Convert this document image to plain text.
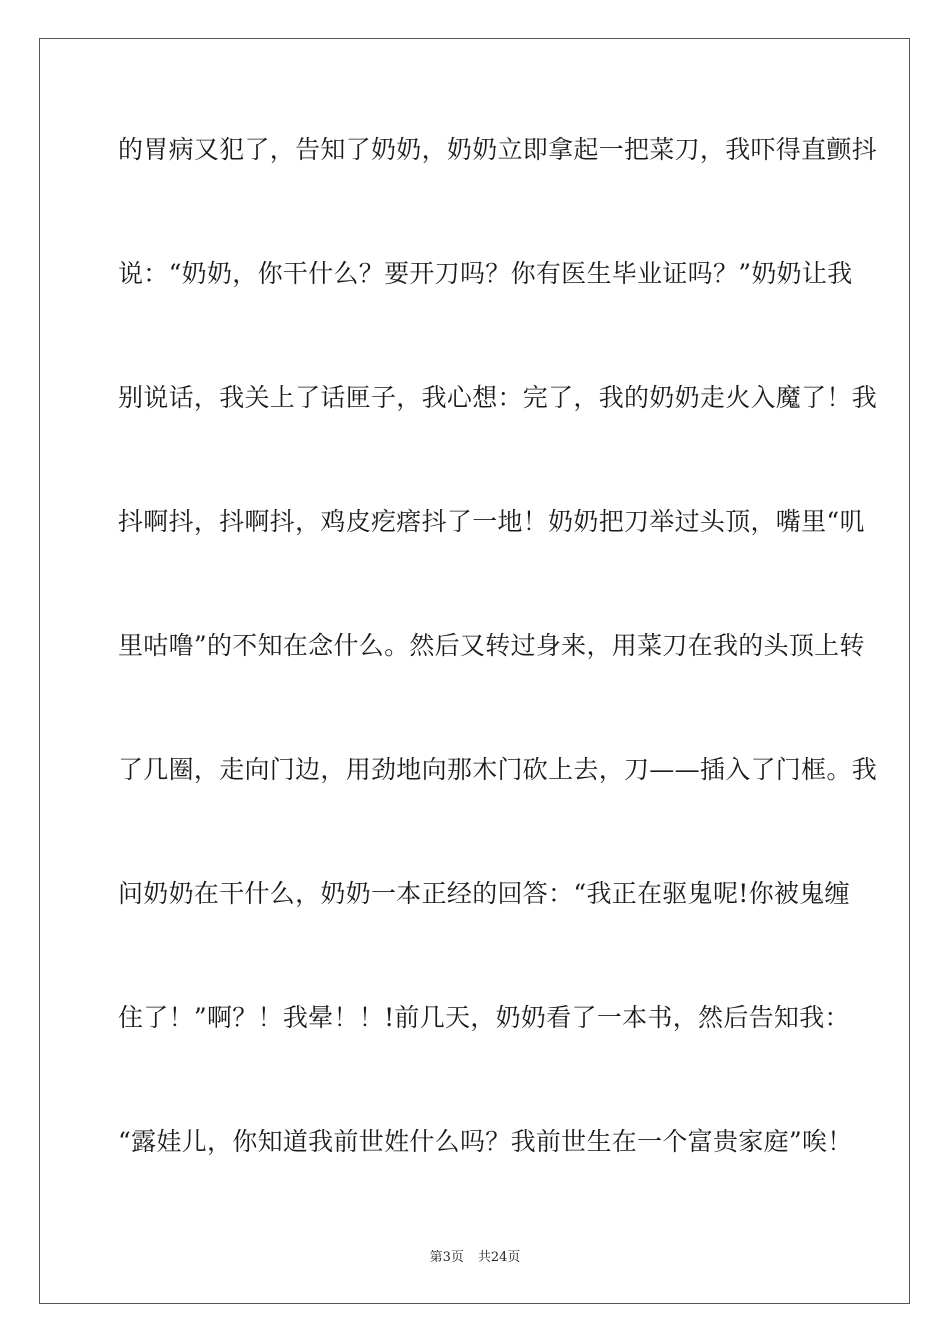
的胃病又犯了，告知了奶奶，奶奶立即拿起一把菜刀，我吓得直颤抖
说：“奶奶，你干什么？要开刀吗？你有医生毕业证吗？”奶奶让我
别说话，我关上了话匣子，我心想：完了，我的奶奶走火入魔了！我
抖啊抖，抖啊抖，鸡皮疙瘩抖了一地！奶奶把刀举过头顶，嘴里“叽
里咕噜”的不知在念什么。然后又转过身来，用菜刀在我的头顶上转
了几圈，走向门边，用劲地向那木门砍上去，刀——插入了门框。我
问奶奶在干什么，奶奶一本正经的回答：“我正在驱鬼呢!你被鬼缠
住了！”啊？！我晕！！!前几天，奶奶看了一本书，然后告知我：
“露娃儿，你知道我前世姓什么吗？我前世生在一个富贵家庭”唉！
第3页 共24页
